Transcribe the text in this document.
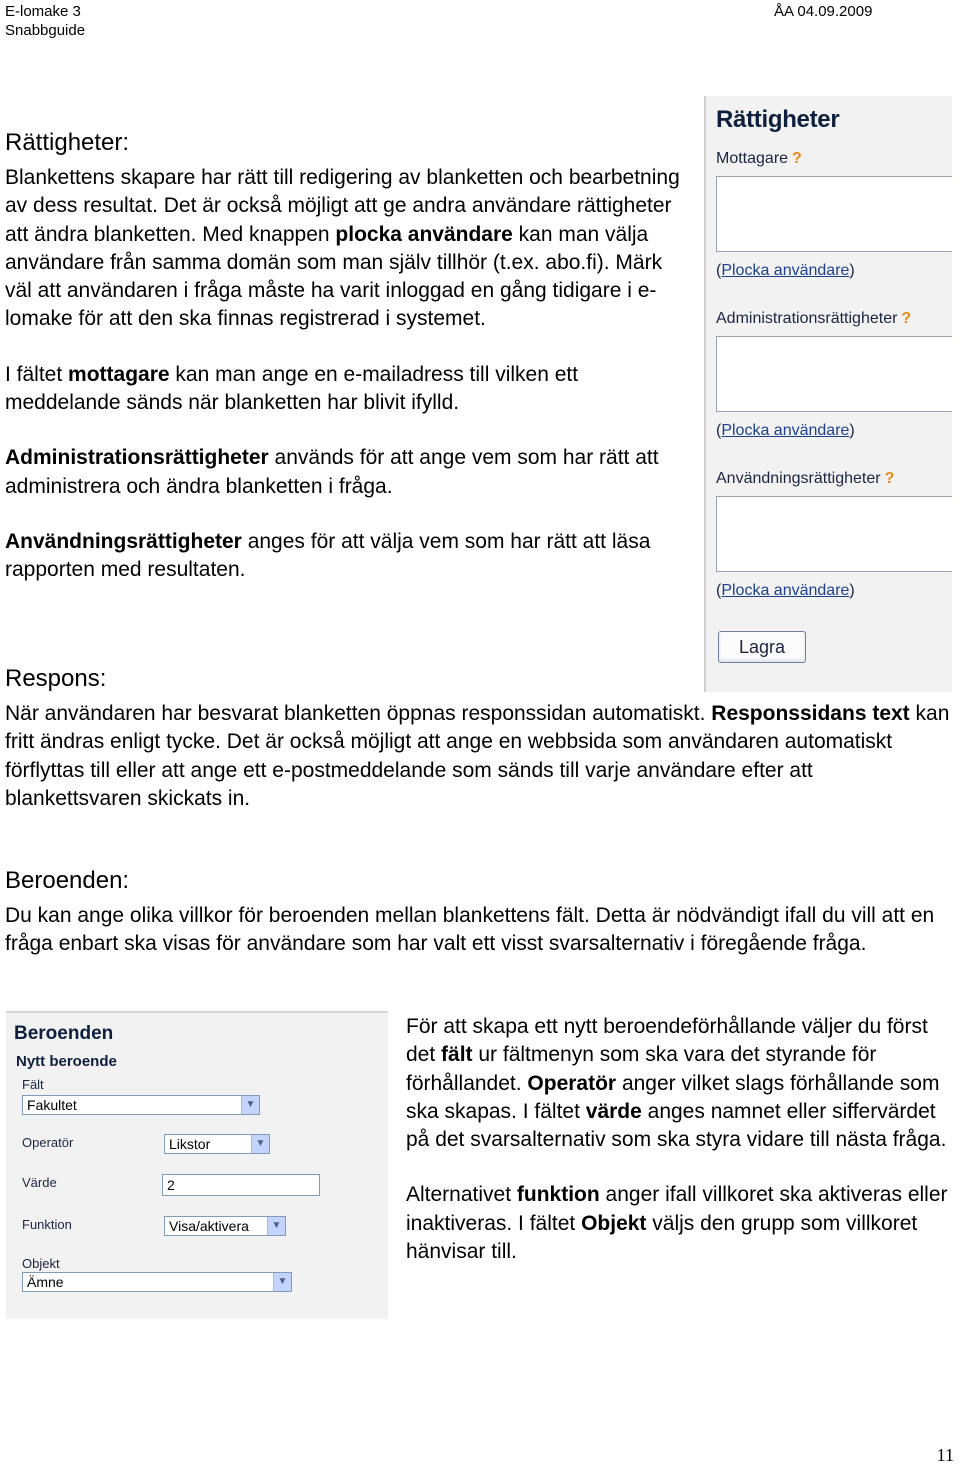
E-lomake 3
Snabbguide
ÅA 04.09.2009
Rättigheter:
Blankettens skapare har rätt till redigering av blanketten och bearbetning av dess resultat. Det är också möjligt att ge andra användare rättigheter att ändra blanketten. Med knappen plocka användare kan man välja användare från samma domän som man själv tillhör (t.ex. abo.fi). Märk väl att användaren i fråga måste ha varit inloggad en gång tidigare i e-lomake för att den ska finnas registrerad i systemet.
I fältet mottagare kan man ange en e-mailadress till vilken ett meddelande sänds när blanketten har blivit ifylld.
Administrationsrättigheter används för att ange vem som har rätt att administrera och ändra blanketten i fråga.
Användningsrättigheter anges för att välja vem som har rätt att läsa rapporten med resultaten.
Rättigheter
Mottagare ?
(Plocka användare)
Administrationsrättigheter ?
(Plocka användare)
Användningsrättigheter ?
(Plocka användare)
Lagra
Respons:
När användaren har besvarat blanketten öppnas responssidan automatiskt. Responssidans text kan fritt ändras enligt tycke. Det är också möjligt att ange en webbsida som användaren automatiskt förflyttas till eller att ange ett e-postmeddelande som sänds till varje användare efter att blankettsvaren skickats in.
Beroenden:
Du kan ange olika villkor för beroenden mellan blankettens fält. Detta är nödvändigt ifall du vill att en fråga enbart ska visas för användare som har valt ett visst svarsalternativ i föregående fråga.
Beroenden
Nytt beroende
Fält
Fakultet	▼
Operatör	Likstor	▼
Värde	2
Funktion	Visa/aktivera	▼
Objekt
Ämne	▼
För att skapa ett nytt beroendeförhållande väljer du först det fält ur fältmenyn som ska vara det styrande för förhållandet. Operatör anger vilket slags förhållande som ska skapas. I fältet värde anges namnet eller siffervärdet på det svarsalternativ som ska styra vidare till nästa fråga.
Alternativet funktion anger ifall villkoret ska aktiveras eller inaktiveras. I fältet Objekt väljs den grupp som villkoret hänvisar till.
11
